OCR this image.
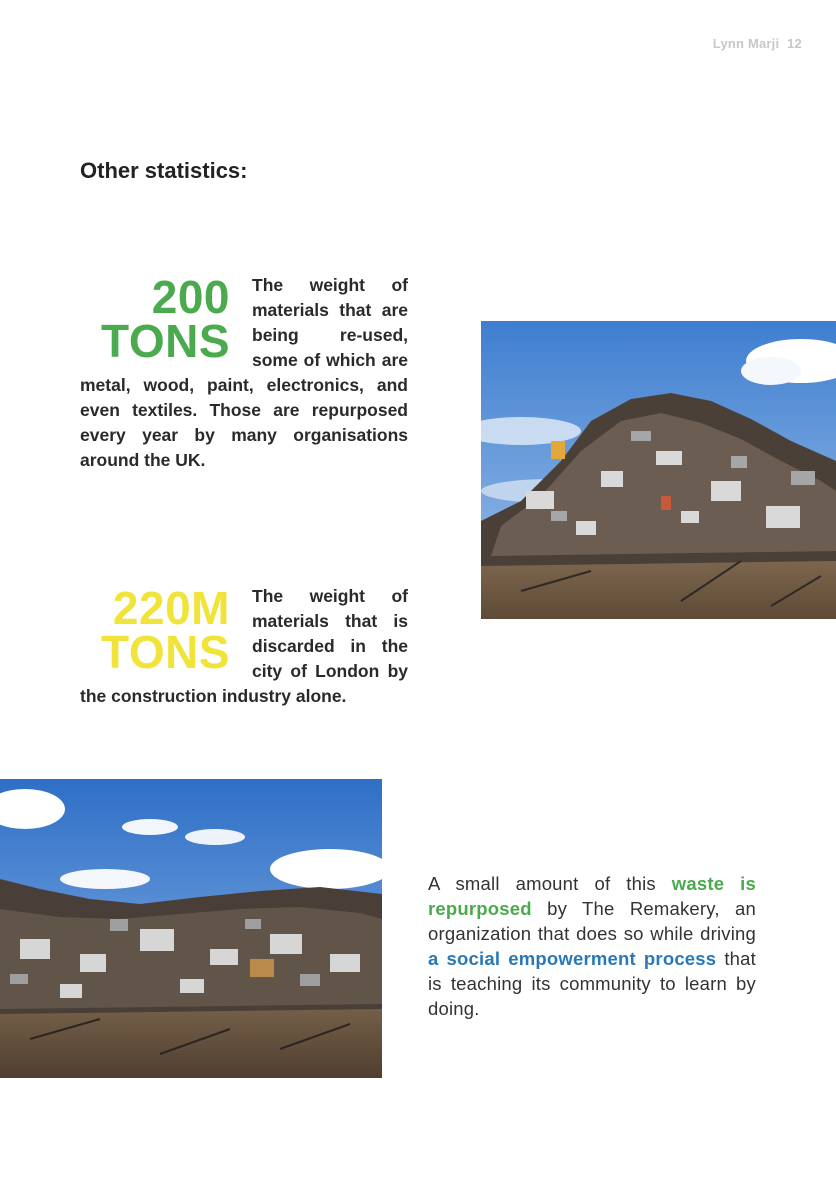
Lynn Marji 12
Other statistics:
200
TONS
The weight of materials that are being re-used, some of which are metal, wood, paint, electronics, and even textiles. Those are repurposed every year by many organisations around the UK.
220M
TONS
The weight of materials that is discarded in the city of London by the construction industry alone.
A small amount of this waste is repurposed by The Remakery, an organization that does so while driving a social empowerment process that is teaching its community to learn by doing.
